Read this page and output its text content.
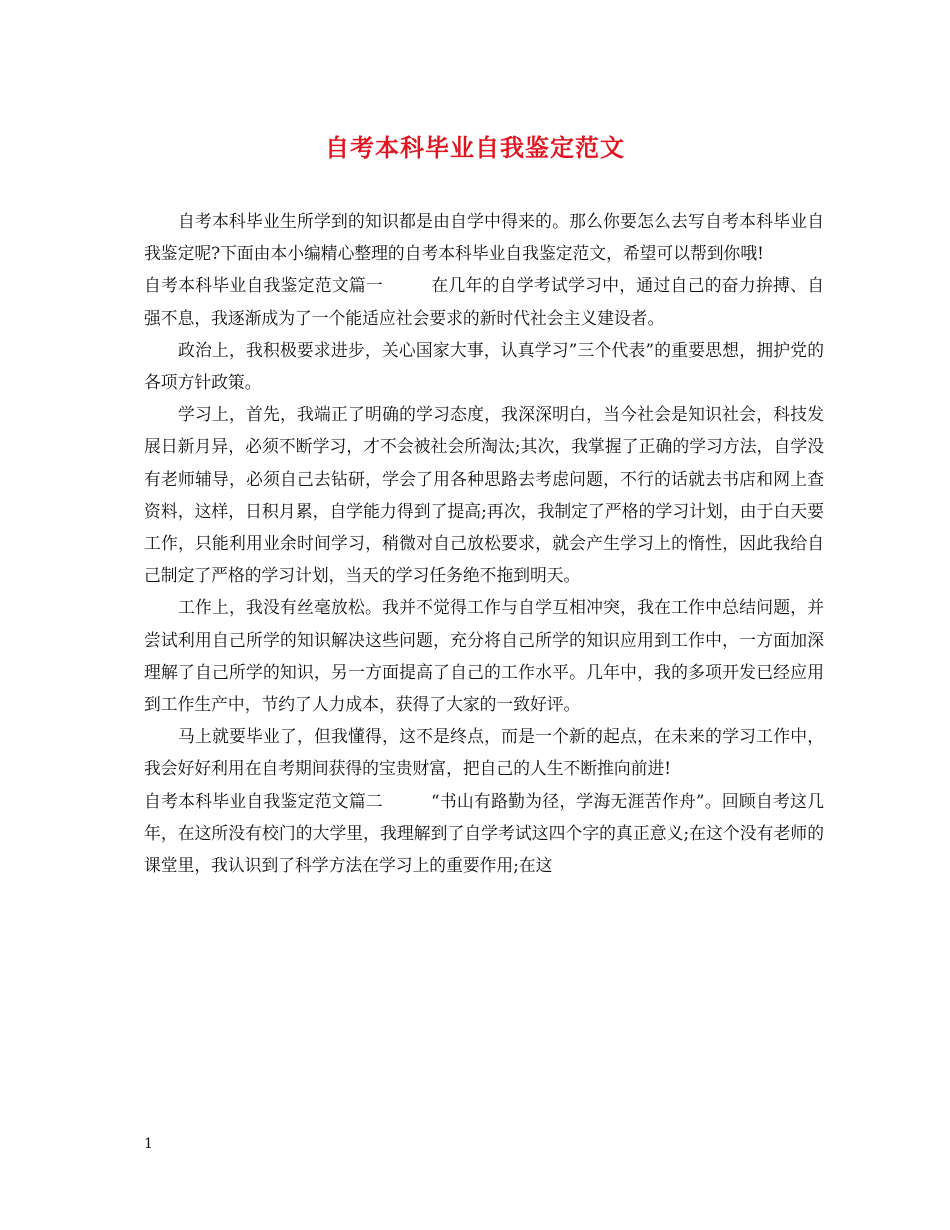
自考本科毕业自我鉴定范文

自考本科毕业生所学到的知识都是由自学中得来的。那么你要怎么去写自考本科毕业自我鉴定呢?下面由本小编精心整理的自考本科毕业自我鉴定范文，希望可以帮到你哦!

自考本科毕业自我鉴定范文篇一	在几年的自学考试学习中，通过自己的奋力拚搏、自强不息，我逐渐成为了一个能适应社会要求的新时代社会主义建设者。

政治上，我积极要求进步，关心国家大事，认真学习”三个代表”的重要思想，拥护党的各项方针政策。

学习上，首先，我端正了明确的学习态度，我深深明白，当今社会是知识社会，科技发展日新月异，必须不断学习，才不会被社会所淘汰;其次，我掌握了正确的学习方法，自学没有老师辅导，必须自己去钻研，学会了用各种思路去考虑问题，不行的话就去书店和网上查资料，这样，日积月累，自学能力得到了提高;再次，我制定了严格的学习计划，由于白天要工作，只能利用业余时间学习，稍微对自己放松要求，就会产生学习上的惰性，因此我给自己制定了严格的学习计划，当天的学习任务绝不拖到明天。

工作上，我没有丝毫放松。我并不觉得工作与自学互相冲突，我在工作中总结问题，并尝试利用自己所学的知识解决这些问题，充分将自己所学的知识应用到工作中，一方面加深理解了自己所学的知识，另一方面提高了自己的工作水平。几年中，我的多项开发已经应用到工作生产中，节约了人力成本，获得了大家的一致好评。

马上就要毕业了，但我懂得，这不是终点，而是一个新的起点，在未来的学习工作中，我会好好利用在自考期间获得的宝贵财富，把自己的人生不断推向前进!

自考本科毕业自我鉴定范文篇二	“书山有路勤为径，学海无涯苦作舟”。回顾自考这几年，在这所没有校门的大学里，我理解到了自学考试这四个字的真正意义;在这个没有老师的课堂里，我认识到了科学方法在学习上的重要作用;在这

1
